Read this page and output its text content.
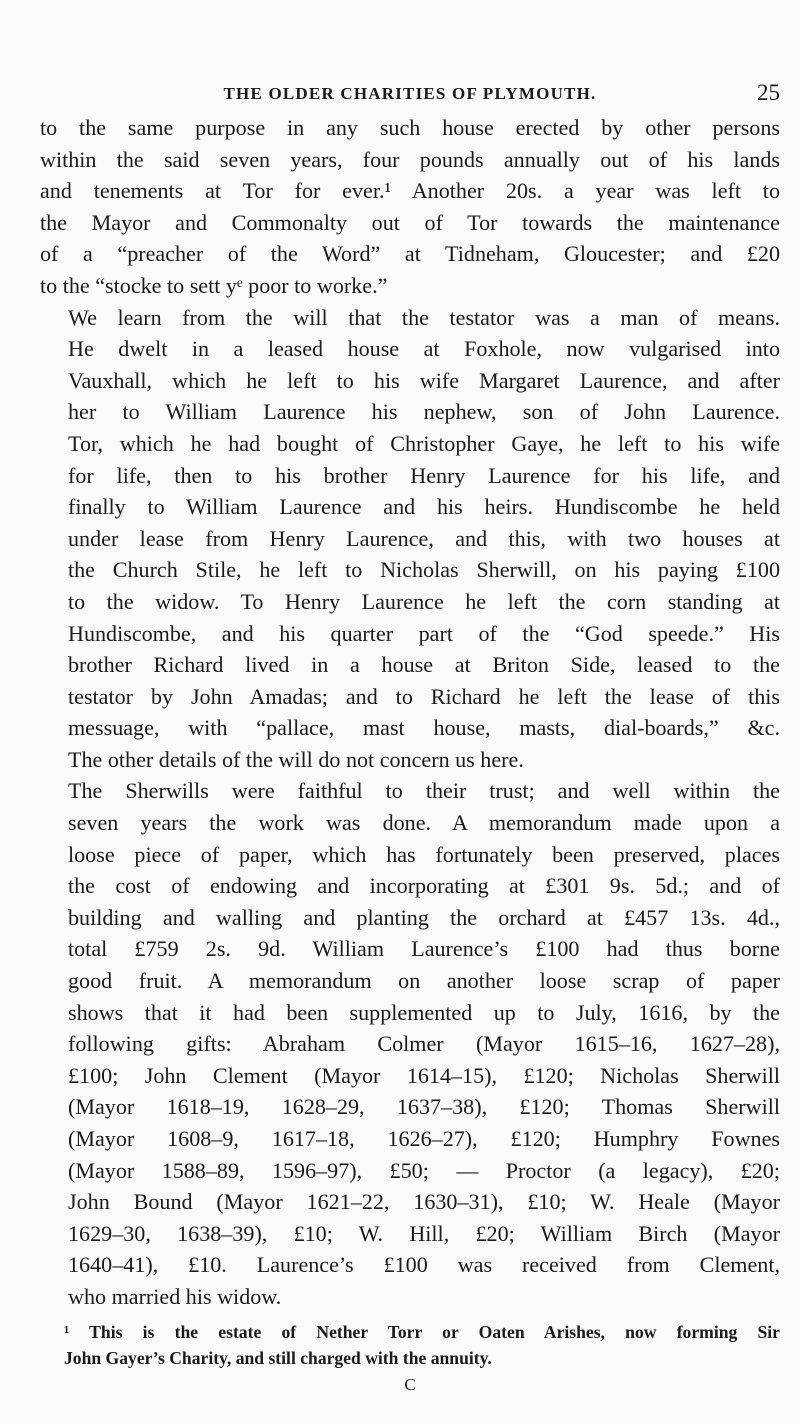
THE OLDER CHARITIES OF PLYMOUTH.	25

to the same purpose in any such house erected by other persons
within the said seven years, four pounds annually out of his lands
and tenements at Tor for ever.¹ Another 20s. a year was left to
the Mayor and Commonalty out of Tor towards the maintenance
of a “preacher of the Word” at Tidneham, Gloucester; and £20
to the “stocke to sett yᵉ poor to worke.”

We learn from the will that the testator was a man of means.
He dwelt in a leased house at Foxhole, now vulgarised into
Vauxhall, which he left to his wife Margaret Laurence, and after
her to William Laurence his nephew, son of John Laurence.
Tor, which he had bought of Christopher Gaye, he left to his wife
for life, then to his brother Henry Laurence for his life, and
finally to William Laurence and his heirs. Hundiscombe he held
under lease from Henry Laurence, and this, with two houses at
the Church Stile, he left to Nicholas Sherwill, on his paying £100
to the widow. To Henry Laurence he left the corn standing at
Hundiscombe, and his quarter part of the “God speede.” His
brother Richard lived in a house at Briton Side, leased to the
testator by John Amadas; and to Richard he left the lease of this
messuage, with “pallace, mast house, masts, dial-boards,” &c.
The other details of the will do not concern us here.

The Sherwills were faithful to their trust; and well within the
seven years the work was done. A memorandum made upon a
loose piece of paper, which has fortunately been preserved, places
the cost of endowing and incorporating at £301 9s. 5d.; and of
building and walling and planting the orchard at £457 13s. 4d.,
total £759 2s. 9d. William Laurence’s £100 had thus borne
good fruit. A memorandum on another loose scrap of paper
shows that it had been supplemented up to July, 1616, by the
following gifts: Abraham Colmer (Mayor 1615–16, 1627–28),
£100; John Clement (Mayor 1614–15), £120; Nicholas Sherwill
(Mayor 1618–19, 1628–29, 1637–38), £120; Thomas Sherwill
(Mayor 1608–9, 1617–18, 1626–27), £120; Humphry Fownes
(Mayor 1588–89, 1596–97), £50; — Proctor (a legacy), £20;
John Bound (Mayor 1621–22, 1630–31), £10; W. Heale (Mayor
1629–30, 1638–39), £10; W. Hill, £20; William Birch (Mayor
1640–41), £10. Laurence’s £100 was received from Clement,
who married his widow.

¹ This is the estate of Nether Torr or Oaten Arishes, now forming Sir
John Gayer’s Charity, and still charged with the annuity.
C
